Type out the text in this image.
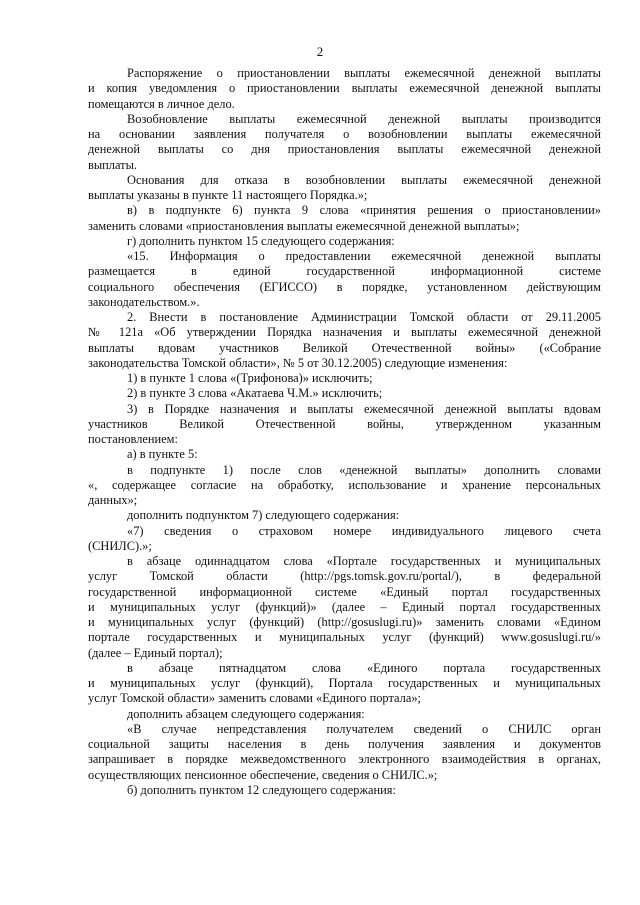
2

Распоряжение о приостановлении выплаты ежемесячной денежной выплаты
и копия уведомления о приостановлении выплаты ежемесячной денежной выплаты
помещаются в личное дело.

Возобновление выплаты ежемесячной денежной выплаты производится
на основании заявления получателя о возобновлении выплаты ежемесячной
денежной выплаты со дня приостановления выплаты ежемесячной денежной
выплаты.

Основания для отказа в возобновлении выплаты ежемесячной денежной
выплаты указаны в пункте 11 настоящего Порядка.»;

в) в подпункте 6) пункта 9 слова «принятия решения о приостановлении»
заменить словами «приостановления выплаты ежемесячной денежной выплаты»;

г) дополнить пунктом 15 следующего содержания:

«15. Информация о предоставлении ежемесячной денежной выплаты
размещается в единой государственной информационной системе
социального обеспечения (ЕГИССО) в порядке, установленном действующим
законодательством.».

2. Внести в постановление Администрации Томской области от 29.11.2005
№ 121а «Об утверждении Порядка назначения и выплаты ежемесячной денежной
выплаты вдовам участников Великой Отечественной войны» («Собрание
законодательства Томской области», № 5 от 30.12.2005) следующие изменения:

1) в пункте 1 слова «(Трифонова)» исключить;

2) в пункте 3 слова «Акатаева Ч.М.» исключить;

3) в Порядке назначения и выплаты ежемесячной денежной выплаты вдовам
участников Великой Отечественной войны, утвержденном указанным
постановлением:

а) в пункте 5:

в подпункте 1) после слов «денежной выплаты» дополнить словами
«, содержащее согласие на обработку, использование и хранение персональных
данных»;

дополнить подпунктом 7) следующего содержания:

«7) сведения о страховом номере индивидуального лицевого счета
(СНИЛС).»;

в абзаце одиннадцатом слова «Портале государственных и муниципальных
услуг Томской области (http://pgs.tomsk.gov.ru/portal/), в федеральной
государственной информационной системе «Единый портал государственных
и муниципальных услуг (функций)» (далее – Единый портал государственных
и муниципальных услуг (функций) (http://gosuslugi.ru)» заменить словами «Едином
портале государственных и муниципальных услуг (функций) www.gosuslugi.ru/»
(далее – Единый портал);

в абзаце пятнадцатом слова «Единого портала государственных
и муниципальных услуг (функций), Портала государственных и муниципальных
услуг Томской области» заменить словами «Единого портала»;

дополнить абзацем следующего содержания:

«В случае непредставления получателем сведений о СНИЛС орган
социальной защиты населения в день получения заявления и документов
запрашивает в порядке межведомственного электронного взаимодействия в органах,
осуществляющих пенсионное обеспечение, сведения о СНИЛС.»;

б) дополнить пунктом 12 следующего содержания:
